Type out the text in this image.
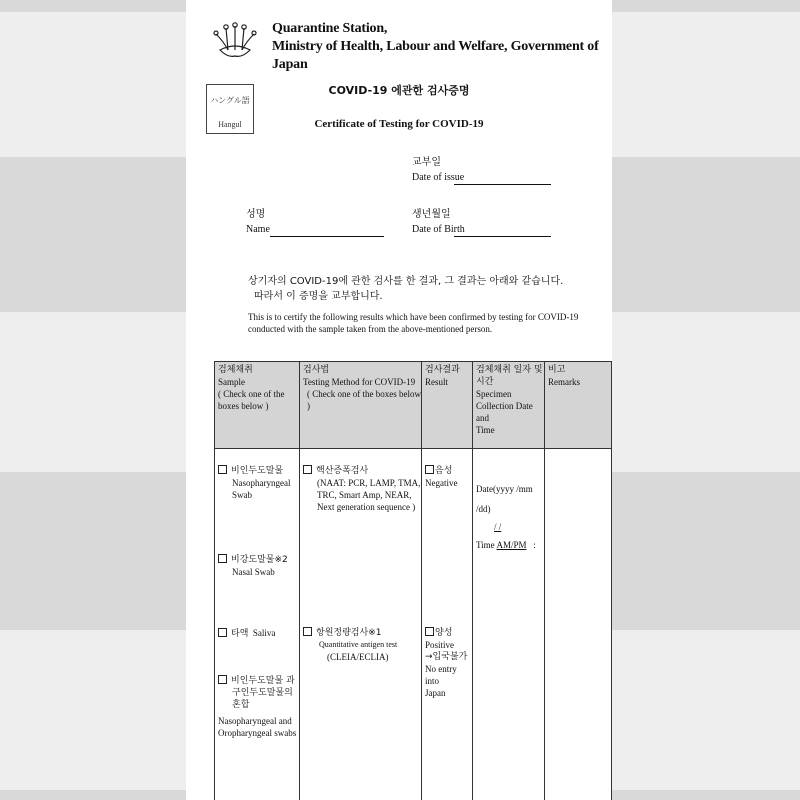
Quarantine Station,
Ministry of Health, Labour and Welfare, Government of Japan
ハングル語
Hangul
COVID-19 에관한 검사증명
Certificate of Testing for COVID-19
교부일
Date of issue
성명
Name
생년월일
Date of Birth
상기자의 COVID-19에 관한 검사를 한 결과, 그 결과는 아래와 같습니다.
따라서 이 증명을 교부합니다.
This is to certify the following results which have been confirmed by testing for COVID-19
conducted with the sample taken from the above-mentioned person.
검체채취
Sample
( Check one of the
boxes below )
검사법
Testing Method for COVID-19
( Check one of the boxes below )
검사결과
Result
검체채취 일자 및
시간
Specimen
Collection Date and
Time
비고
Remarks
비인두도말물
Nasopharyngeal
Swab
비강도말물※2
Nasal Swab
타액 Saliva
비인두도말물 과
구인두도말물의
혼합
Nasopharyngeal and
Oropharyngeal swabs
핵산증폭검사
(NAAT: PCR, LAMP, TMA,
TRC, Smart Amp, NEAR,
Next generation sequence )
항원정량검사※1
Quantitative antigen test
(CLEIA/ECLIA)
음성
Negative
양성
Positive
→입국불가
No entry into
Japan
Date(yyyy /mm
/dd)
/ /
Time AM/PM :
